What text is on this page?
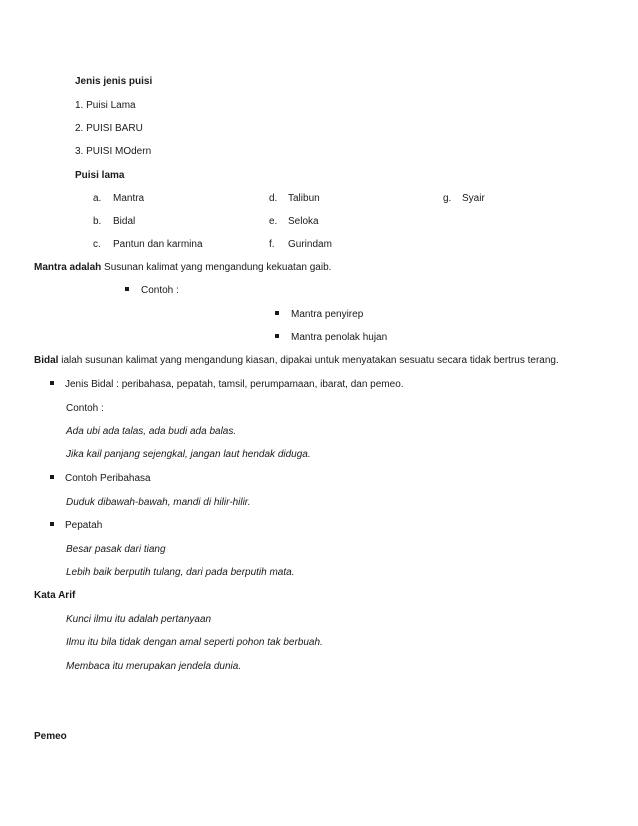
Jenis jenis puisi
1. Puisi Lama
2. PUISI BARU
3. PUISI MOdern
Puisi lama
a. Mantra
b. Bidal
c. Pantun dan karmina
d. Talibun
e. Seloka
f. Gurindam
g. Syair
Mantra adalah Susunan kalimat yang mengandung kekuatan gaib.
Contoh :
Mantra penyirep
Mantra penolak hujan
Bidal ialah susunan kalimat yang mengandung kiasan, dipakai untuk menyatakan sesuatu secara tidak bertrus terang.
Jenis Bidal : peribahasa, pepatah, tamsil, perumpamaan, ibarat, dan pemeo.
Contoh :
Ada ubi ada talas, ada budi ada balas.
Jika kail panjang sejengkal, jangan laut hendak diduga.
Contoh Peribahasa
Duduk dibawah-bawah, mandi di hilir-hilir.
Pepatah
Besar pasak dari tiang
Lebih baik berputih tulang, dari pada berputih mata.
Kata Arif
Kunci ilmu itu adalah pertanyaan
Ilmu itu bila tidak dengan amal seperti pohon tak berbuah.
Membaca itu merupakan jendela dunia.
Pemeo
